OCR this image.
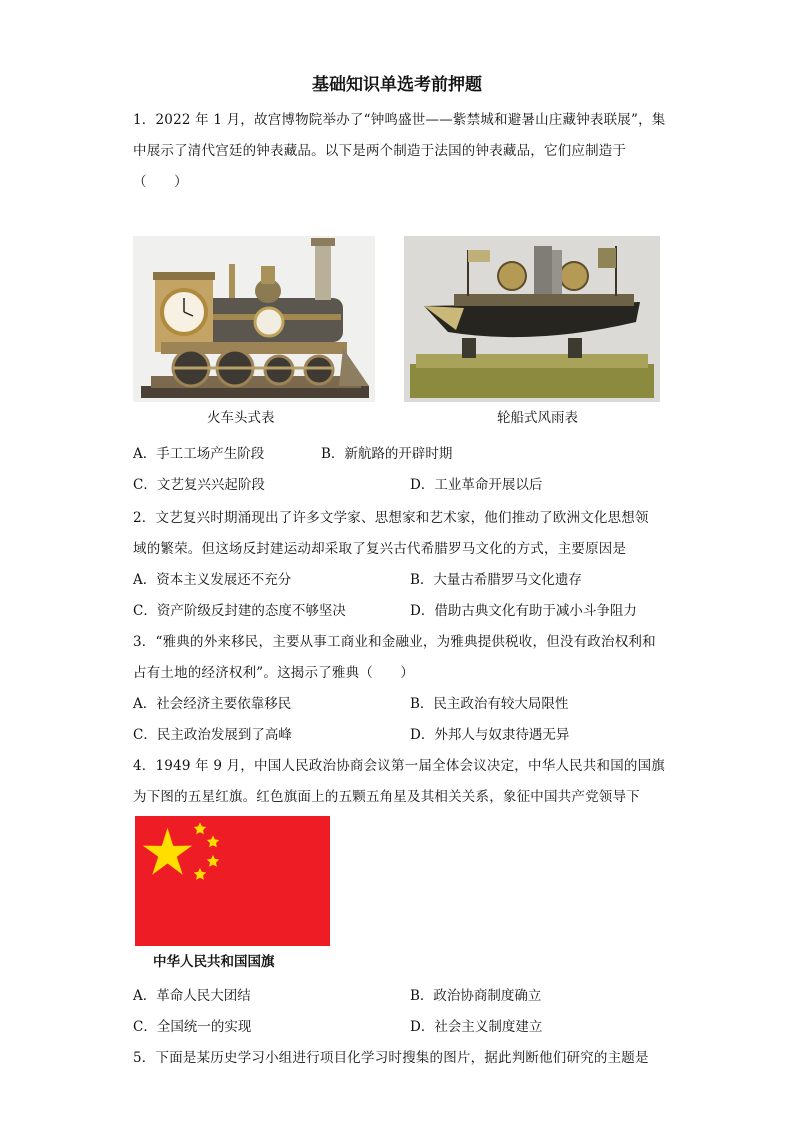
基础知识单选考前押题
1．2022 年 1 月，故宫博物院举办了“钟鸣盛世——紫禁城和避暑山庄藏钟表联展”，集
中展示了清代宫廷的钟表藏品。以下是两个制造于法国的钟表藏品，它们应制造于
（　　）
火车头式表	轮船式风雨表
A．手工工场产生阶段	B．新航路的开辟时期
C．文艺复兴兴起阶段	D．工业革命开展以后
2．文艺复兴时期涌现出了许多文学家、思想家和艺术家，他们推动了欧洲文化思想领
域的繁荣。但这场反封建运动却采取了复兴古代希腊罗马文化的方式，主要原因是
A．资本主义发展还不充分	B．大量古希腊罗马文化遗存
C．资产阶级反封建的态度不够坚决	D．借助古典文化有助于减小斗争阻力
3．“雅典的外来移民，主要从事工商业和金融业，为雅典提供税收，但没有政治权利和
占有土地的经济权利”。这揭示了雅典（　　）
A．社会经济主要依靠移民	B．民主政治有较大局限性
C．民主政治发展到了高峰	D．外邦人与奴隶待遇无异
4．1949 年 9 月，中国人民政治协商会议第一届全体会议决定，中华人民共和国的国旗
为下图的五星红旗。红色旗面上的五颗五角星及其相关关系，象征中国共产党领导下
中华人民共和国国旗
A．革命人民大团结	B．政治协商制度确立
C．全国统一的实现	D．社会主义制度建立
5．下面是某历史学习小组进行项目化学习时搜集的图片，据此判断他们研究的主题是
